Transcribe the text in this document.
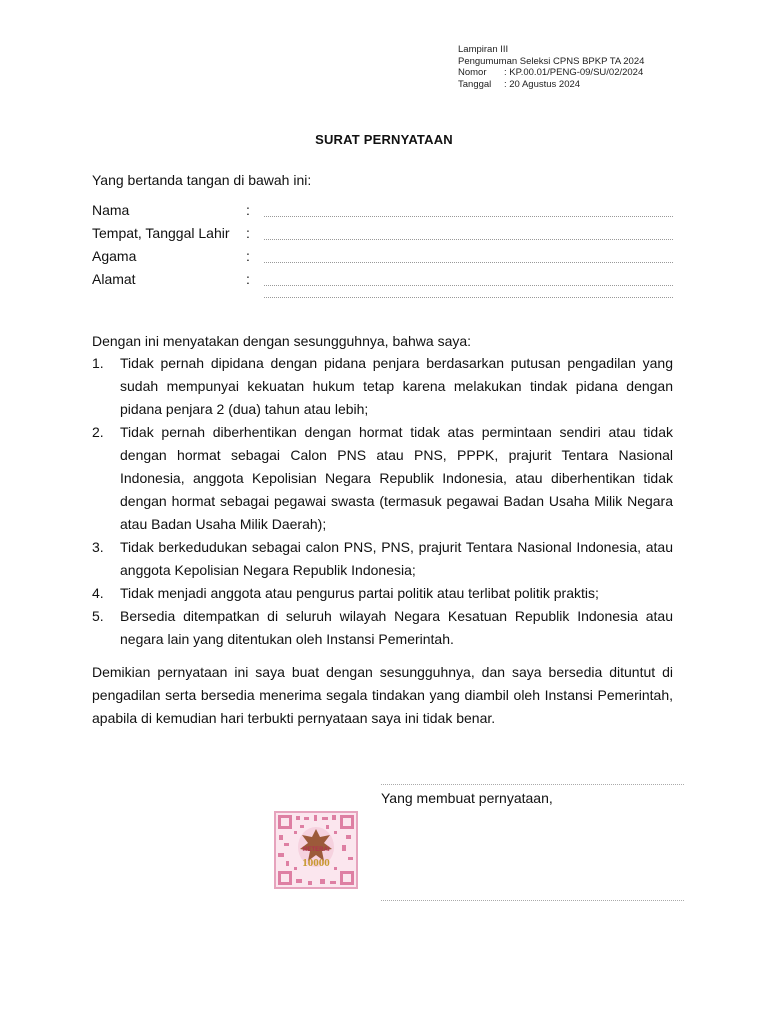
Lampiran III
Pengumuman Seleksi CPNS BPKP TA 2024
Nomor	: KP.00.01/PENG-09/SU/02/2024
Tanggal	: 20 Agustus 2024
SURAT PERNYATAAN
Yang bertanda tangan di bawah ini:
Nama	:
Tempat, Tanggal Lahir	:
Agama	:
Alamat	:
Dengan ini menyatakan dengan sesungguhnya, bahwa saya:
1.	Tidak pernah dipidana dengan pidana penjara berdasarkan putusan pengadilan yang sudah mempunyai kekuatan hukum tetap karena melakukan tindak pidana dengan pidana penjara 2 (dua) tahun atau lebih;
2.	Tidak pernah diberhentikan dengan hormat tidak atas permintaan sendiri atau tidak dengan hormat sebagai Calon PNS atau PNS, PPPK, prajurit Tentara Nasional Indonesia, anggota Kepolisian Negara Republik Indonesia, atau diberhentikan tidak dengan hormat sebagai pegawai swasta (termasuk pegawai Badan Usaha Milik Negara atau Badan Usaha Milik Daerah);
3.	Tidak berkedudukan sebagai calon PNS, PNS, prajurit Tentara Nasional Indonesia, atau anggota Kepolisian Negara Republik Indonesia;
4.	Tidak menjadi anggota atau pengurus partai politik atau terlibat politik praktis;
5.	Bersedia ditempatkan di seluruh wilayah Negara Kesatuan Republik Indonesia atau negara lain yang ditentukan oleh Instansi Pemerintah.
Demikian pernyataan ini saya buat dengan sesungguhnya, dan saya bersedia dituntut di pengadilan serta bersedia menerima segala tindakan yang diambil oleh Instansi Pemerintah, apabila di kemudian hari terbukti pernyataan saya ini tidak benar.
Yang membuat pernyataan,
METERAI
10000
